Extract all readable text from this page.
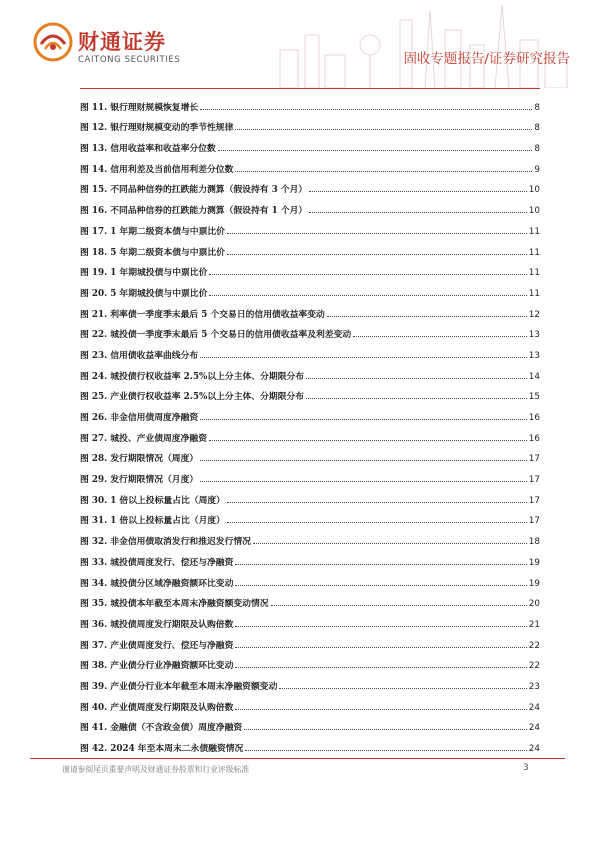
财通证券
CAITONG SECURITIES	固收专题报告/证券研究报告
图 11. 银行理财规模恢复增长	8
图 12. 银行理财规模变动的季节性规律	8
图 13. 信用收益率和收益率分位数	8
图 14. 信用利差及当前信用利差分位数	9
图 15. 不同品种信券的扛跌能力测算（假设持有 3 个月）	10
图 16. 不同品种信券的扛跌能力测算（假设持有 1 个月）	10
图 17. 1 年期二级资本债与中票比价	11
图 18. 5 年期二级资本债与中票比价	11
图 19. 1 年期城投债与中票比价	11
图 20. 5 年期城投债与中票比价	11
图 21. 利率债一季度季末最后 5 个交易日的信用债收益率变动	12
图 22. 城投债一季度季末最后 5 个交易日的信用债收益率及利差变动	13
图 23. 信用债收益率曲线分布	13
图 24. 城投债行权收益率 2.5%以上分主体、分期限分布	14
图 25. 产业债行权收益率 2.5%以上分主体、分期限分布	15
图 26. 非金信用债周度净融资	16
图 27. 城投、产业债周度净融资	16
图 28. 发行期限情况（周度）	17
图 29. 发行期限情况（月度）	17
图 30. 1 倍以上投标量占比（周度）	17
图 31. 1 倍以上投标量占比（月度）	17
图 32. 非金信用债取消发行和推迟发行情况	18
图 33. 城投债周度发行、偿还与净融资	19
图 34. 城投债分区域净融资额环比变动	19
图 35. 城投债本年截至本周末净融资额变动情况	20
图 36. 城投债周度发行期限及认购倍数	21
图 37. 产业债周度发行、偿还与净融资	22
图 38. 产业债分行业净融资额环比变动	22
图 39. 产业债分行业本年截至本周末净融资额变动	23
图 40. 产业债周度发行期限及认购倍数	24
图 41. 金融债（不含政金债）周度净融资	24
图 42. 2024 年至本周末二永债融资情况	24
谨请参阅尾页重要声明及财通证券股票和行业评级标准	3
